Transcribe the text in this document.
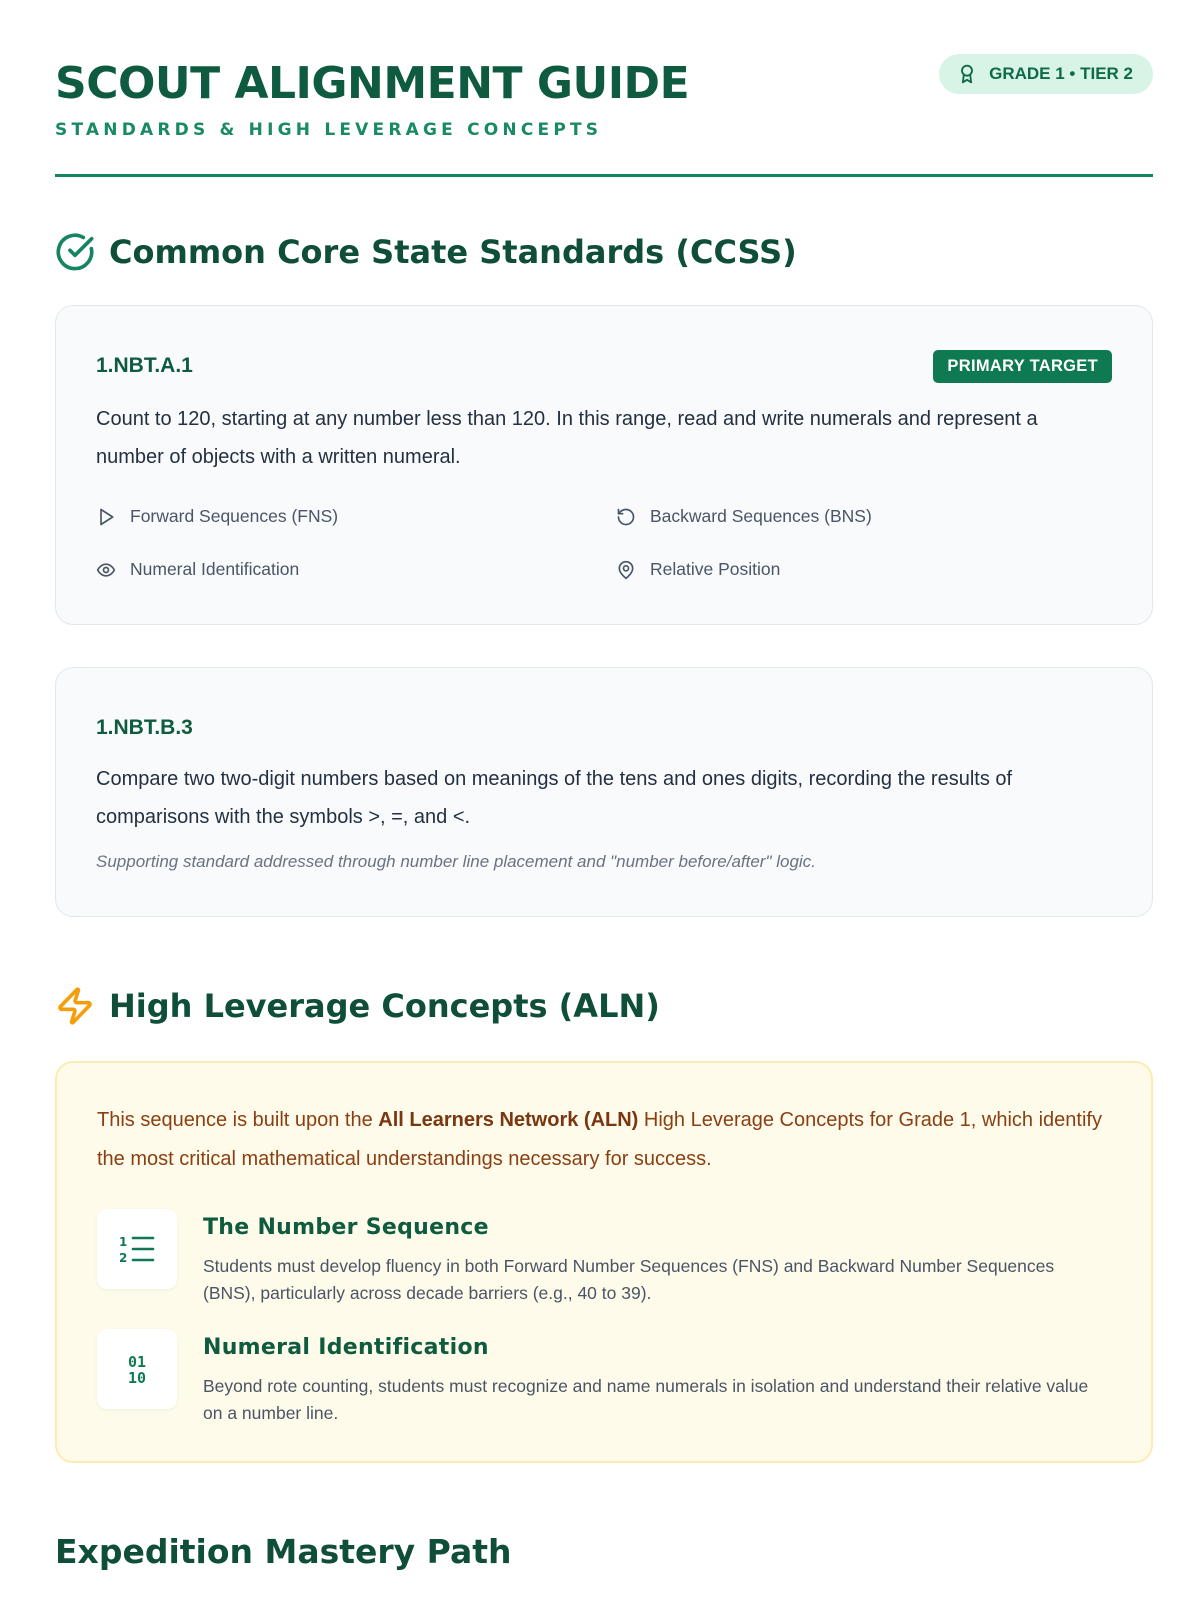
SCOUT ALIGNMENT GUIDE
STANDARDS & HIGH LEVERAGE CONCEPTS
GRADE 1 • TIER 2
Common Core State Standards (CCSS)
1.NBT.A.1	PRIMARY TARGET
Count to 120, starting at any number less than 120. In this range, read and write numerals and represent a number of objects with a written numeral.
Forward Sequences (FNS)	Backward Sequences (BNS)
Numeral Identification	Relative Position
1.NBT.B.3
Compare two two-digit numbers based on meanings of the tens and ones digits, recording the results of comparisons with the symbols >, =, and <.
Supporting standard addressed through number line placement and "number before/after" logic.
High Leverage Concepts (ALN)
This sequence is built upon the All Learners Network (ALN) High Leverage Concepts for Grade 1, which identify the most critical mathematical understandings necessary for success.
1
2
The Number Sequence
Students must develop fluency in both Forward Number Sequences (FNS) and Backward Number Sequences (BNS), particularly across decade barriers (e.g., 40 to 39).
01
10
Numeral Identification
Beyond rote counting, students must recognize and name numerals in isolation and understand their relative value on a number line.
Expedition Mastery Path
